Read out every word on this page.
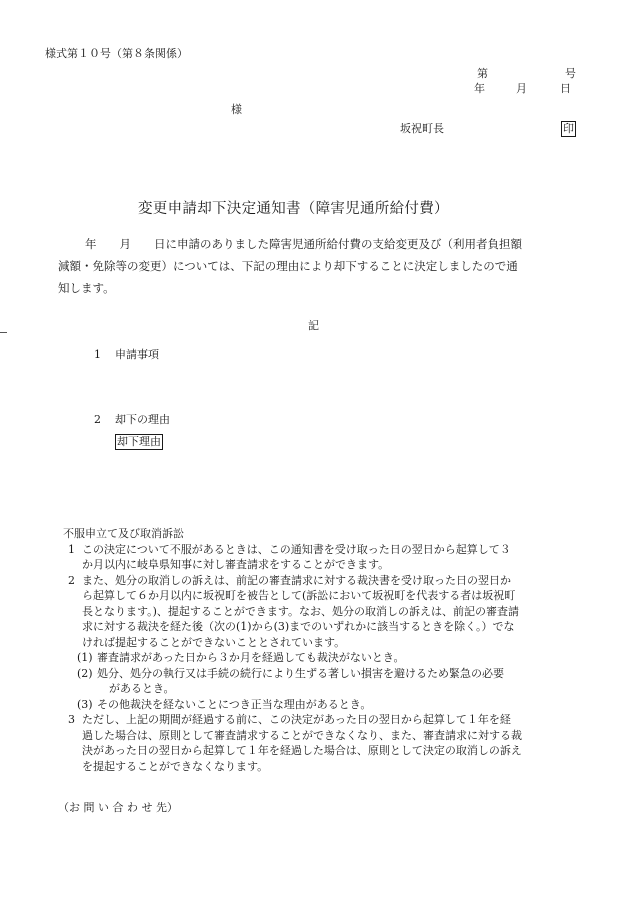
様式第１０号（第８条関係）
第	号
年	月	日
様
坂祝町長	印
変更申請却下決定通知書（障害児通所給付費）

年　　月　　日に申請のありました障害児通所給付費の支給変更及び（利用者負担額

減額・免除等の変更）については、下記の理由により却下することに決定しましたので通

知します。

記
1 申請事項
2 却下の理由
却下理由
不服申立て及び取消訴訟
1 この決定について不服があるときは、この通知書を受け取った日の翌日から起算して３
か月以内に岐阜県知事に対し審査請求をすることができます。
2 また、処分の取消しの訴えは、前記の審査請求に対する裁決書を受け取った日の翌日か
ら起算して６か月以内に坂祝町を被告として(訴訟において坂祝町を代表する者は坂祝町
長となります。)、提起することができます。なお、処分の取消しの訴えは、前記の審査請
求に対する裁決を経た後（次の(1)から(3)までのいずれかに該当するときを除く。）でな
ければ提起することができないこととされています。
(1) 審査請求があった日から３か月を経過しても裁決がないとき。
(2) 処分、処分の執行又は手続の続行により生ずる著しい損害を避けるため緊急の必要
があるとき。
(3) その他裁決を経ないことにつき正当な理由があるとき。
3 ただし、上記の期間が経過する前に、この決定があった日の翌日から起算して１年を経
過した場合は、原則として審査請求することができなくなり、また、審査請求に対する裁
決があった日の翌日から起算して１年を経過した場合は、原則として決定の取消しの訴え
を提起することができなくなります。
（お 問 い 合 わ せ 先）
